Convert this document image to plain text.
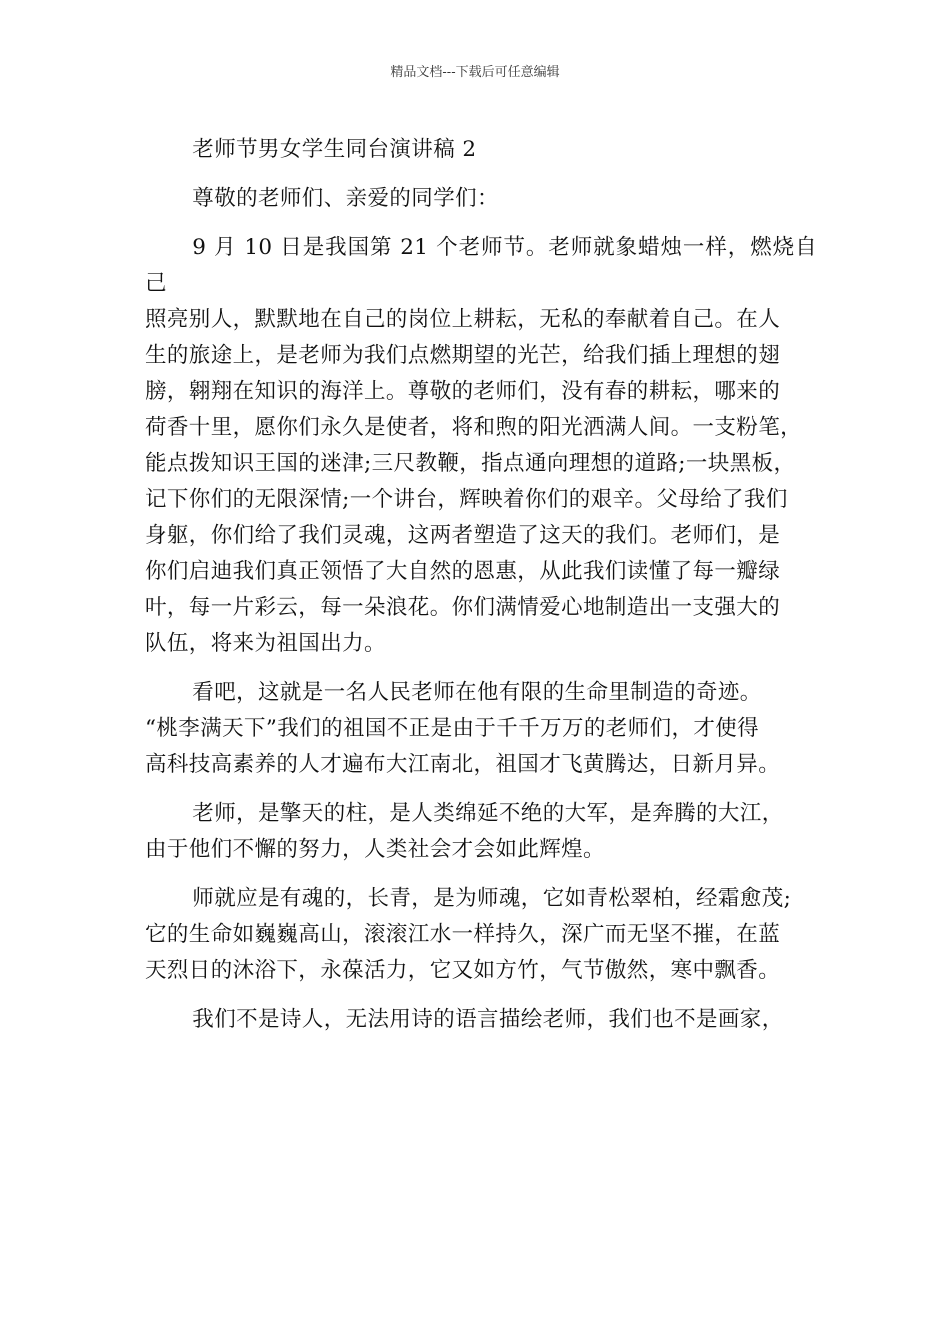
精品文档---下载后可任意编辑

老师节男女学生同台演讲稿 2

尊敬的老师们、亲爱的同学们：

9 月 10 日是我国第 21 个老师节。老师就象蜡烛一样，燃烧自己
照亮别人，默默地在自己的岗位上耕耘，无私的奉献着自己。在人
生的旅途上，是老师为我们点燃期望的光芒，给我们插上理想的翅
膀，翱翔在知识的海洋上。尊敬的老师们，没有春的耕耘，哪来的
荷香十里，愿你们永久是使者，将和煦的阳光洒满人间。一支粉笔，
能点拨知识王国的迷津;三尺教鞭，指点通向理想的道路;一块黑板，
记下你们的无限深情;一个讲台，辉映着你们的艰辛。父母给了我们
身躯，你们给了我们灵魂，这两者塑造了这天的我们。老师们，是
你们启迪我们真正领悟了大自然的恩惠，从此我们读懂了每一瓣绿
叶，每一片彩云，每一朵浪花。你们满情爱心地制造出一支强大的
队伍，将来为祖国出力。

看吧，这就是一名人民老师在他有限的生命里制造的奇迹。
“桃李满天下”我们的祖国不正是由于千千万万的老师们，才使得
高科技高素养的人才遍布大江南北，祖国才飞黄腾达，日新月异。

老师，是擎天的柱，是人类绵延不绝的大军，是奔腾的大江，
由于他们不懈的努力，人类社会才会如此辉煌。

师就应是有魂的，长青，是为师魂，它如青松翠柏，经霜愈茂;
它的生命如巍巍高山，滚滚江水一样持久，深广而无坚不摧，在蓝
天烈日的沐浴下，永葆活力，它又如方竹，气节傲然，寒中飘香。

我们不是诗人，无法用诗的语言描绘老师，我们也不是画家，
